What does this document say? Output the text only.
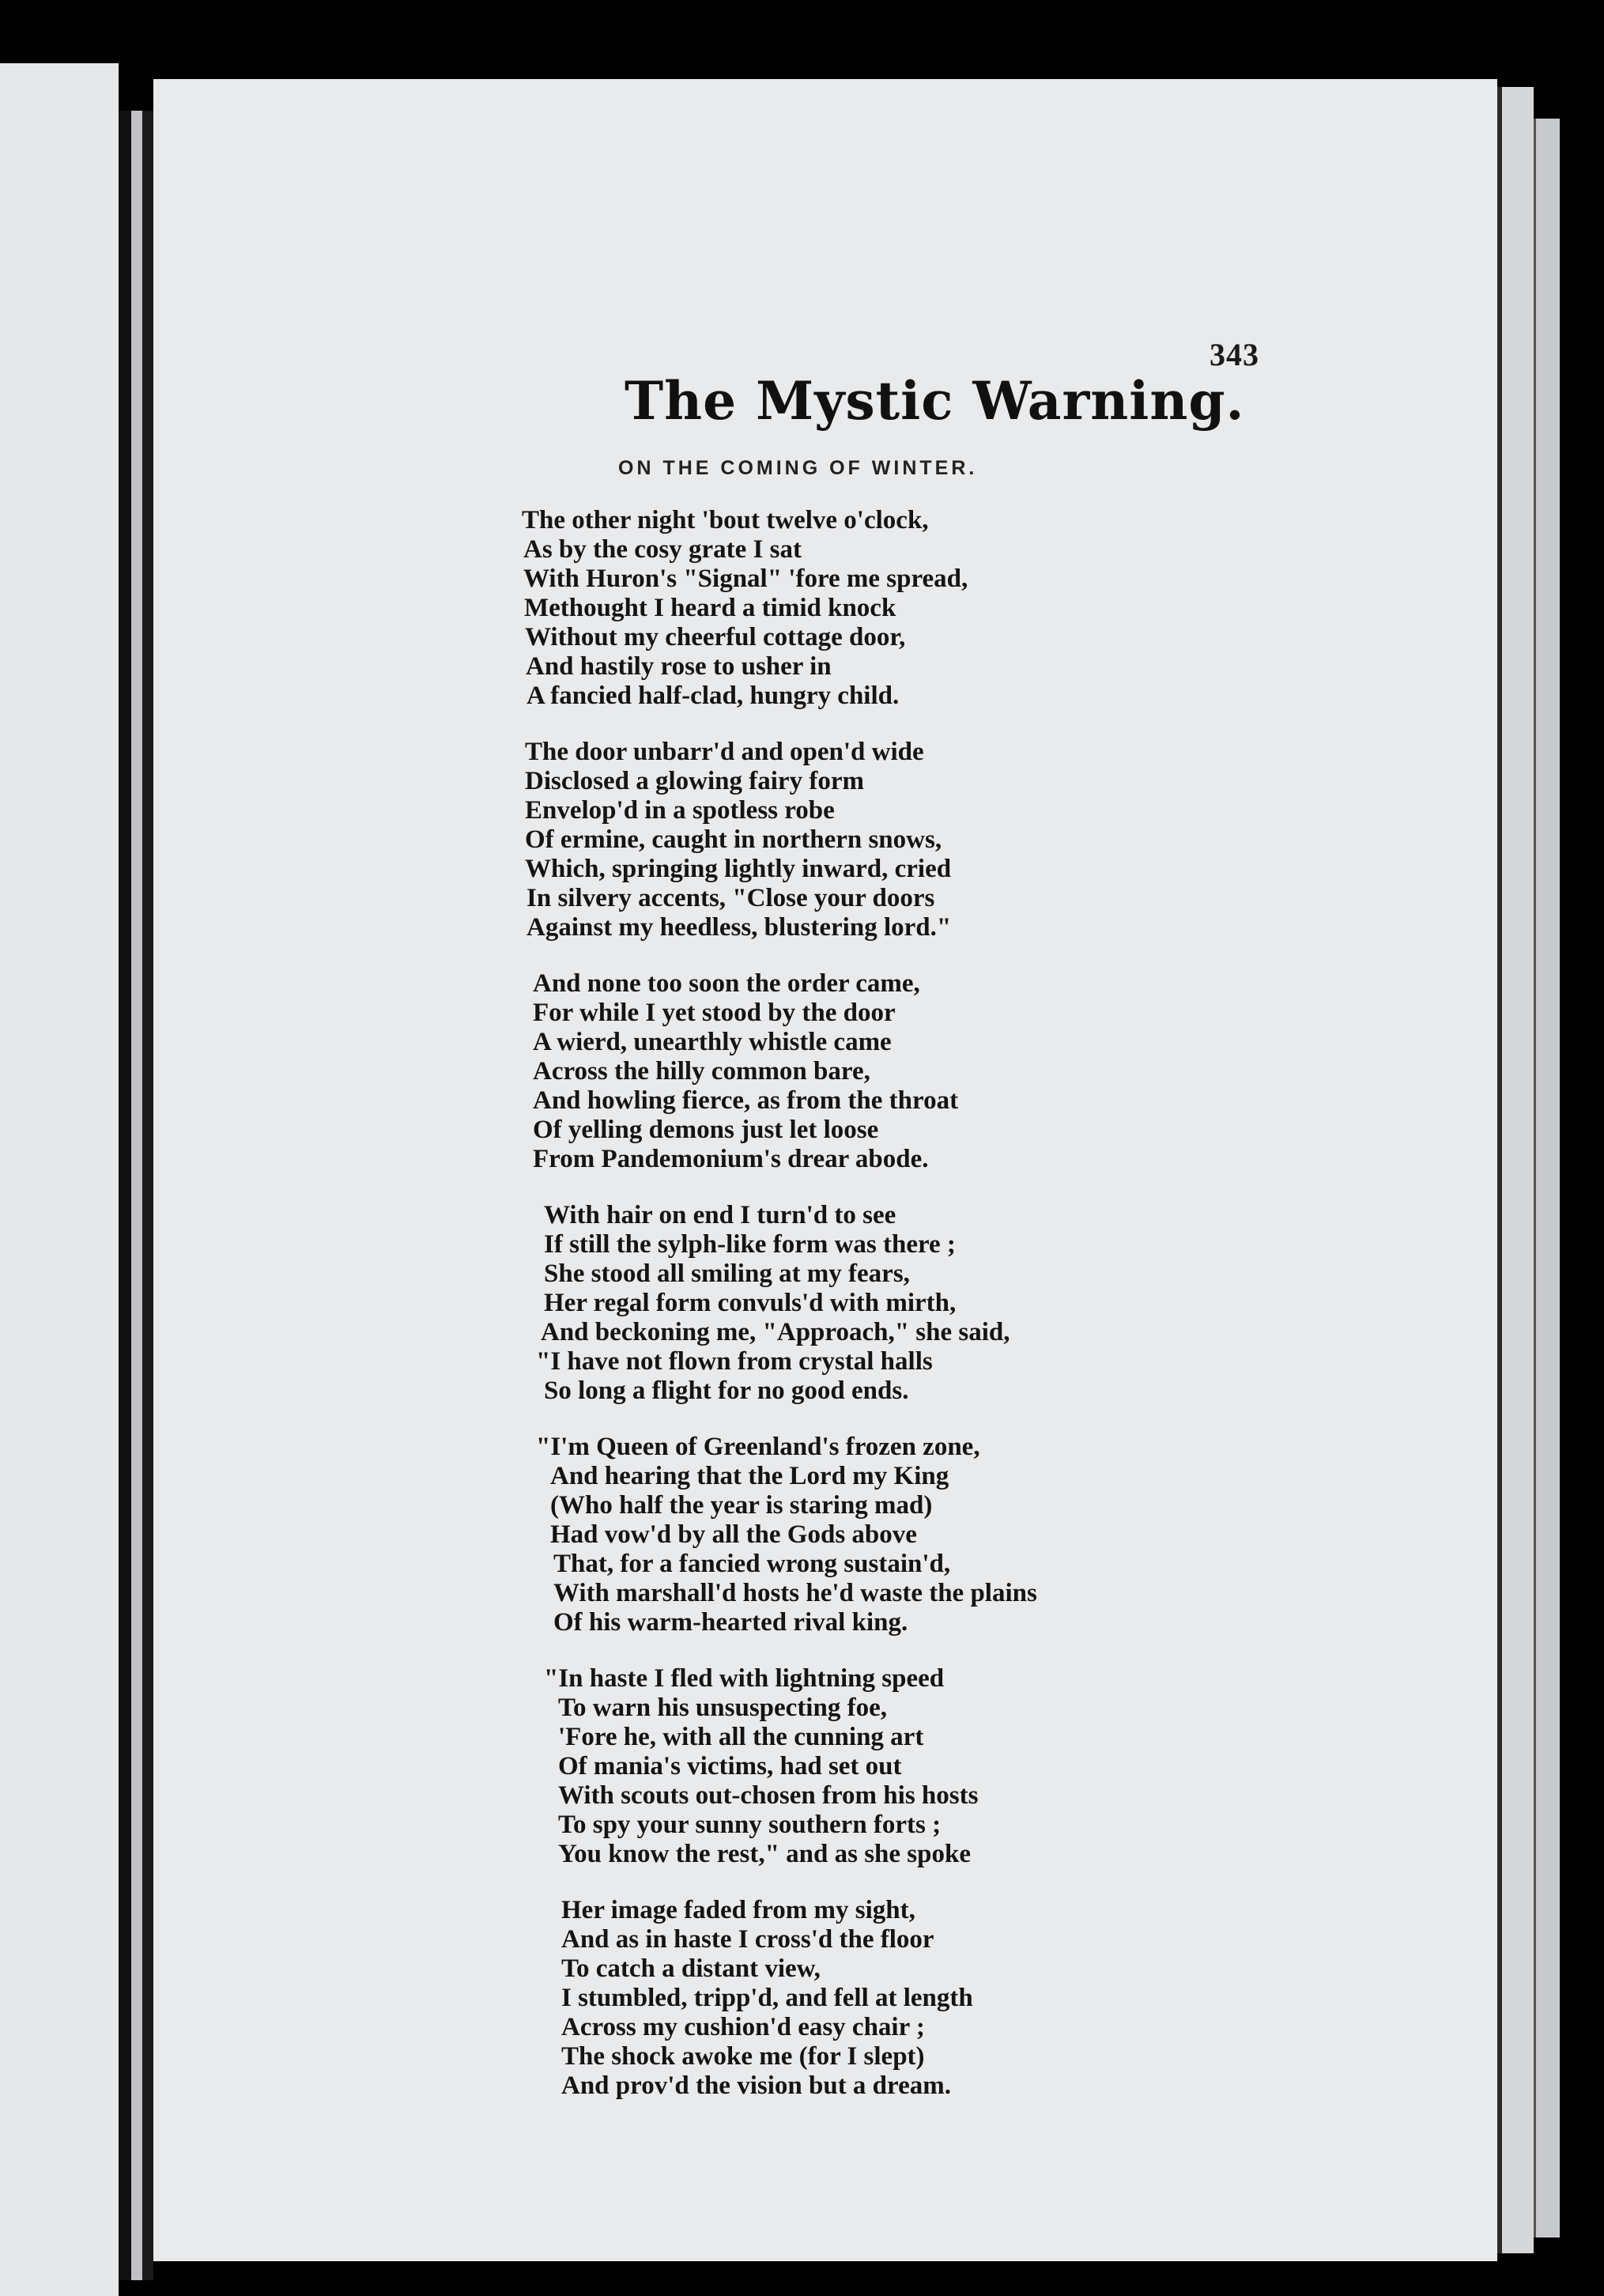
343
The Mystic Warning.
ON THE COMING OF WINTER.
The other night 'bout twelve o'clock,
As by the cosy grate I sat
With Huron's "Signal" 'fore me spread,
Methought I heard a timid knock
Without my cheerful cottage door,
And hastily rose to usher in
A fancied half-clad, hungry child.
The door unbarr'd and open'd wide
Disclosed a glowing fairy form
Envelop'd in a spotless robe
Of ermine, caught in northern snows,
Which, springing lightly inward, cried
In silvery accents, "Close your doors
Against my heedless, blustering lord."
And none too soon the order came,
For while I yet stood by the door
A wierd, unearthly whistle came
Across the hilly common bare,
And howling fierce, as from the throat
Of yelling demons just let loose
From Pandemonium's drear abode.
With hair on end I turn'd to see
If still the sylph-like form was there ;
She stood all smiling at my fears,
Her regal form convuls'd with mirth,
And beckoning me, "Approach," she said,
"I have not flown from crystal halls
So long a flight for no good ends.
"I'm Queen of Greenland's frozen zone,
And hearing that the Lord my King
(Who half the year is staring mad)
Had vow'd by all the Gods above
That, for a fancied wrong sustain'd,
With marshall'd hosts he'd waste the plains
Of his warm-hearted rival king.
"In haste I fled with lightning speed
To warn his unsuspecting foe,
'Fore he, with all the cunning art
Of mania's victims, had set out
With scouts out-chosen from his hosts
To spy your sunny southern forts ;
You know the rest," and as she spoke
Her image faded from my sight,
And as in haste I cross'd the floor
To catch a distant view,
I stumbled, tripp'd, and fell at length
Across my cushion'd easy chair ;
The shock awoke me (for I slept)
And prov'd the vision but a dream.
